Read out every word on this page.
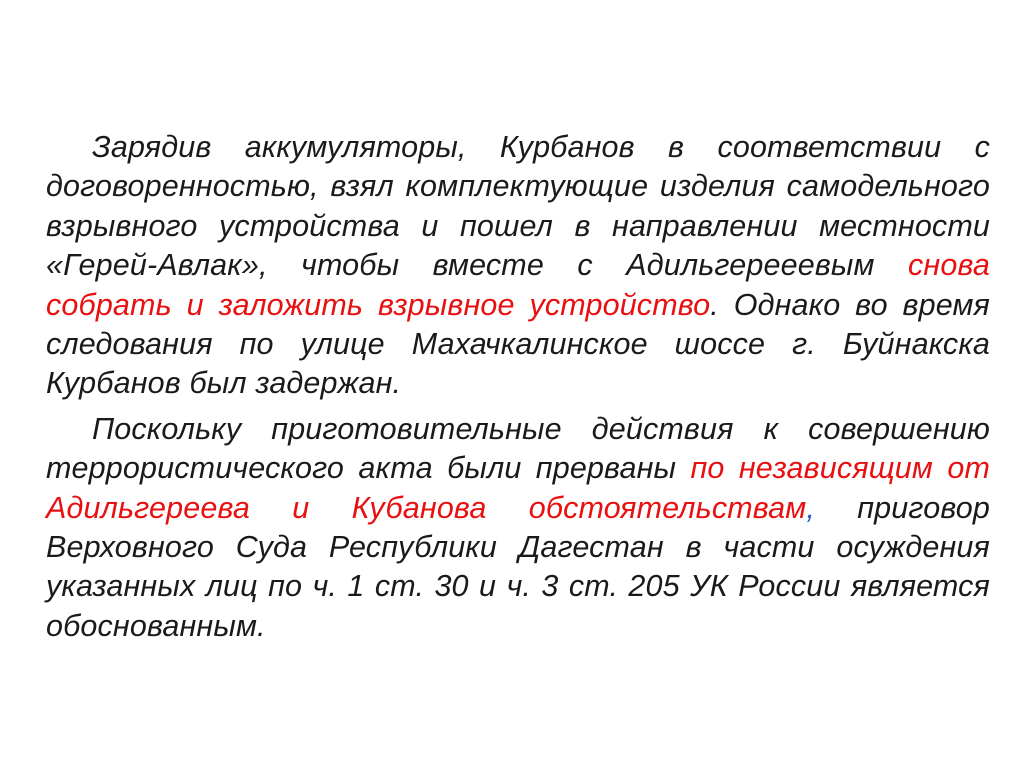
Зарядив аккумуляторы, Курбанов в соответствии с договоренностью, взял комплектующие изделия самодельного взрывного устройства и пошел в направлении местности «Герей-Авлак», чтобы вместе с Адильгерееевым снова собрать и заложить взрывное устройство. Однако во время следования по улице Махачкалинское шоссе г. Буйнакска Курбанов был задержан.

Поскольку приготовительные действия к совершению террористического акта были прерваны по независящим от Адильгереева и Кубанова обстоятельствам, приговор Верховного Суда Республики Дагестан в части осуждения указанных лиц по ч. 1 ст. 30 и ч. 3 ст. 205 УК России является обоснованным.
